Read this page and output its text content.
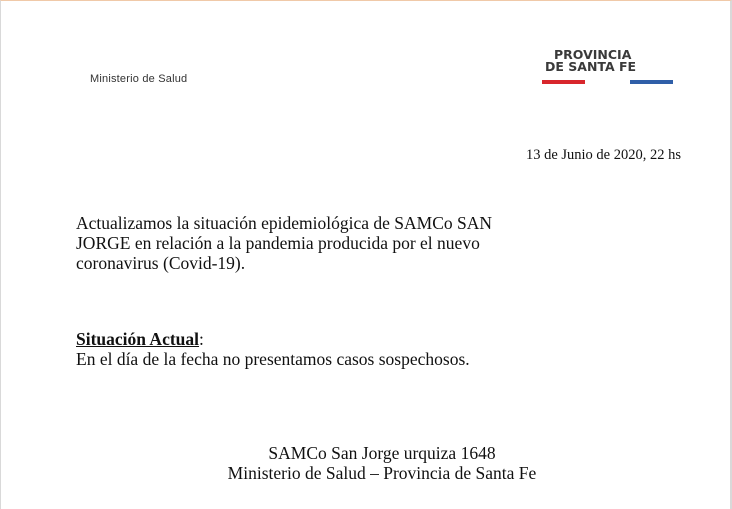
Ministerio de Salud
PROVINCIA
DE SANTA FE
13 de Junio de 2020, 22 hs
Actualizamos la situación epidemiológica de SAMCo SAN
JORGE en relación a la pandemia producida por el nuevo
coronavirus (Covid-19).
Situación Actual:
En el día de la fecha no presentamos casos sospechosos.
SAMCo San Jorge urquiza 1648
Ministerio de Salud – Provincia de Santa Fe
